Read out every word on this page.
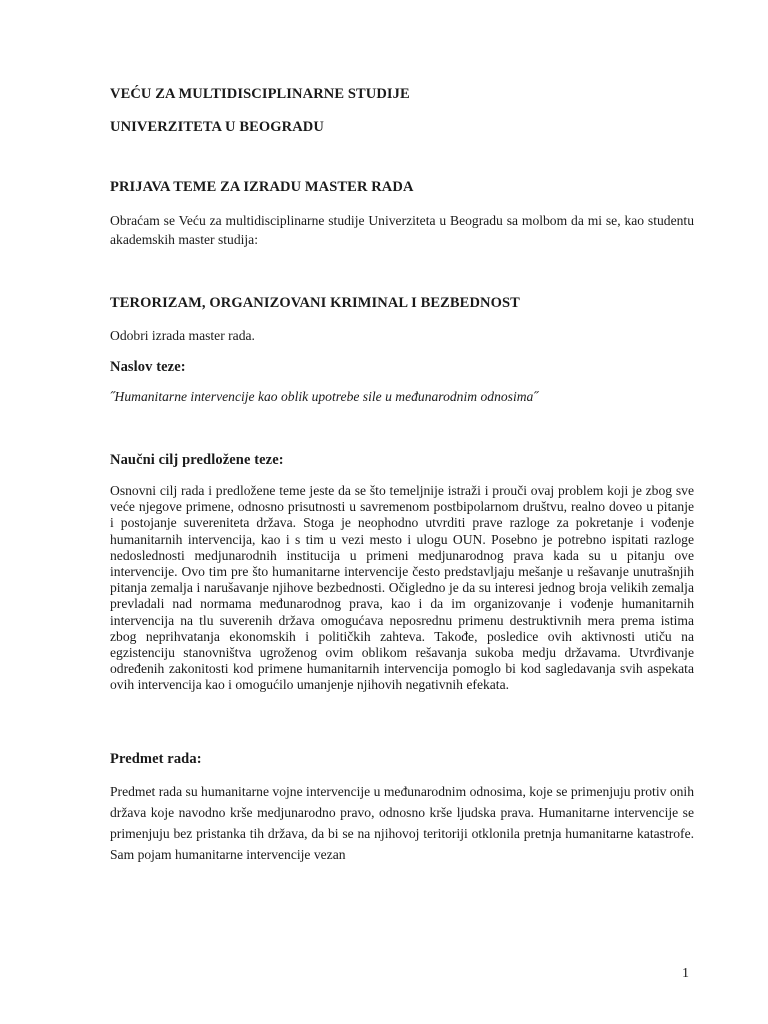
VEĆU ZA MULTIDISCIPLINARNE STUDIJE

UNIVERZITETA U BEOGRADU

PRIJAVA TEME ZA IZRADU MASTER RADA

Obraćam se Veću za multidisciplinarne studije Univerziteta u Beogradu sa molbom da mi se, kao studentu akademskih master studija:

TERORIZAM, ORGANIZOVANI KRIMINAL I BEZBEDNOST

Odobri izrada master rada.

Naslov teze:

˝Humanitarne intervencije kao oblik upotrebe sile u međunarodnim odnosima˝

Naučni cilj predložene teze:

Osnovni cilj rada i predložene teme jeste da se što temeljnije istraži i prouči ovaj problem koji je zbog sve veće njegove primene, odnosno prisutnosti u savremenom postbipolarnom društvu, realno doveo u pitanje i postojanje suvereniteta država. Stoga je neophodno utvrditi prave razloge za pokretanje i vođenje humanitarnih intervencija, kao i s tim u vezi mesto i ulogu OUN. Posebno je potrebno ispitati razloge nedoslednosti medjunarodnih institucija u primeni medjunarodnog prava kada su u pitanju ove intervencije. Ovo tim pre što humanitarne intervencije često predstavljaju mešanje u rešavanje unutrašnjih pitanja zemalja i narušavanje njihove bezbednosti. Očigledno je da su interesi jednog broja velikih zemalja prevladali nad normama međunarodnog prava, kao i da im organizovanje i vođenje humanitarnih intervencija na tlu suverenih država omogućava neposrednu primenu destruktivnih mera prema istima zbog neprihvatanja ekonomskih i političkih zahteva. Takođe, posledice ovih aktivnosti utiču na egzistenciju stanovništva ugroženog ovim oblikom rešavanja sukoba medju državama. Utvrđivanje određenih zakonitosti kod primene humanitarnih intervencija pomoglo bi kod sagledavanja svih aspekata ovih intervencija kao i omogućilo umanjenje njihovih negativnih efekata.

Predmet rada:

Predmet rada su humanitarne vojne intervencije u međunarodnim odnosima, koje se primenjuju protiv onih država koje navodno krše medjunarodno pravo, odnosno krše ljudska prava. Humanitarne intervencije se primenjuju bez pristanka tih država, da bi se na njihovoj teritoriji otklonila pretnja humanitarne katastrofe. Sam pojam humanitarne intervencije vezan

1
